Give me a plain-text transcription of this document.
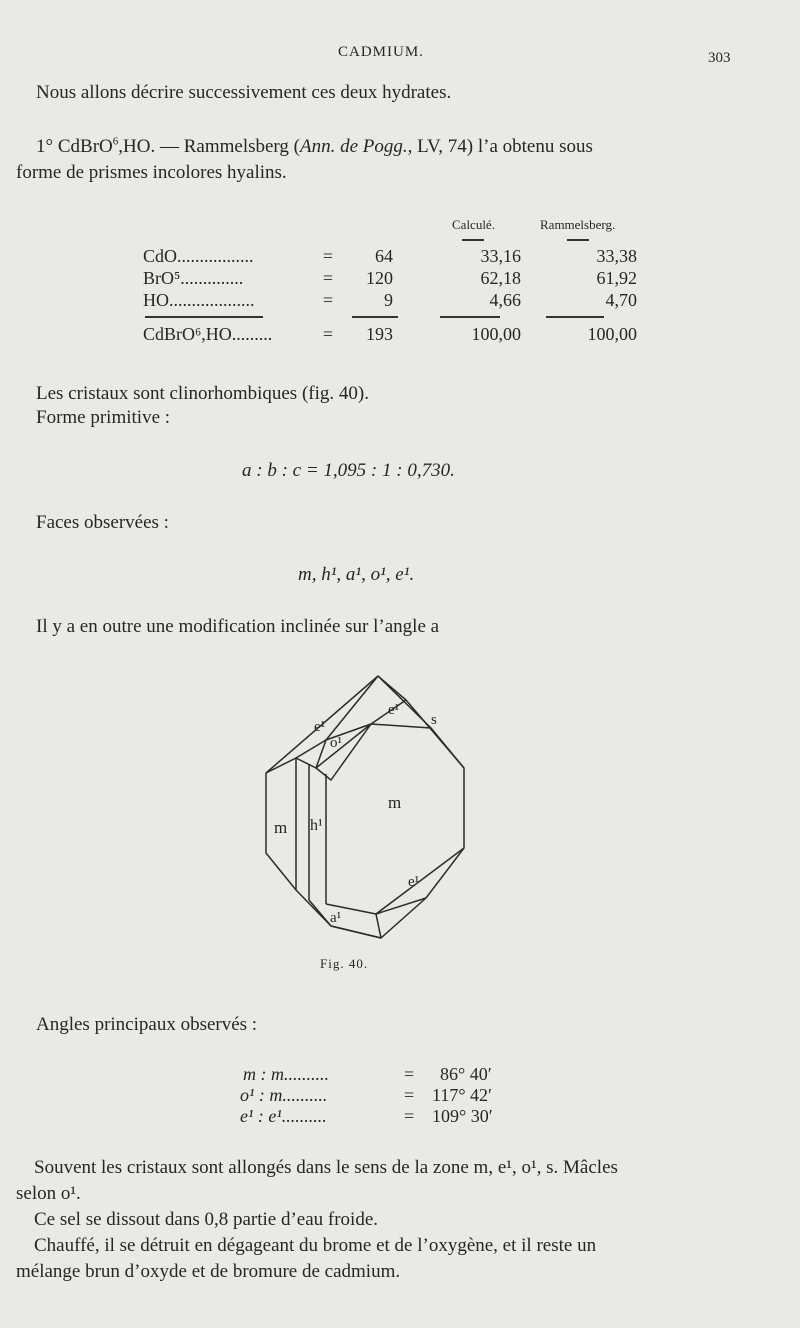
CADMIUM.	303
Nous allons décrire successivement ces deux hydrates.
1° CdBrO$^6$,HO. — Rammelsberg (Ann. de Pogg., LV, 74) l’a obtenu sous
forme de prismes incolores hyalins.
Calculé.	Rammelsberg.
CdO.................	=	64	33,16	33,38
BrO⁵..............	=	120	62,18	61,92
HO...................	=	9	4,66	4,70

CdBrO⁶,HO.........	=	193	100,00	100,00
Les cristaux sont clinorhombiques (fig. 40).
Forme primitive :
a : b : c = 1,095 : 1 : 0,730.
Faces observées :
m, h¹, a¹, o¹, e¹.
Il y a en outre une modification inclinée sur l’angle a
e¹
o¹
e¹
s
m
m h¹
e¹
a¹
Fig. 40.
Angles principaux observés :
m : m..........	= 86° 40′
o¹ : m..........	= 117° 42′
e¹ : e¹..........	= 109° 30′
Souvent les cristaux sont allongés dans le sens de la zone m, e¹, o¹, s. Mâcles
selon o¹.
Ce sel se dissout dans 0,8 partie d’eau froide.
Chauffé, il se détruit en dégageant du brome et de l’oxygène, et il reste un
mélange brun d’oxyde et de bromure de cadmium.
